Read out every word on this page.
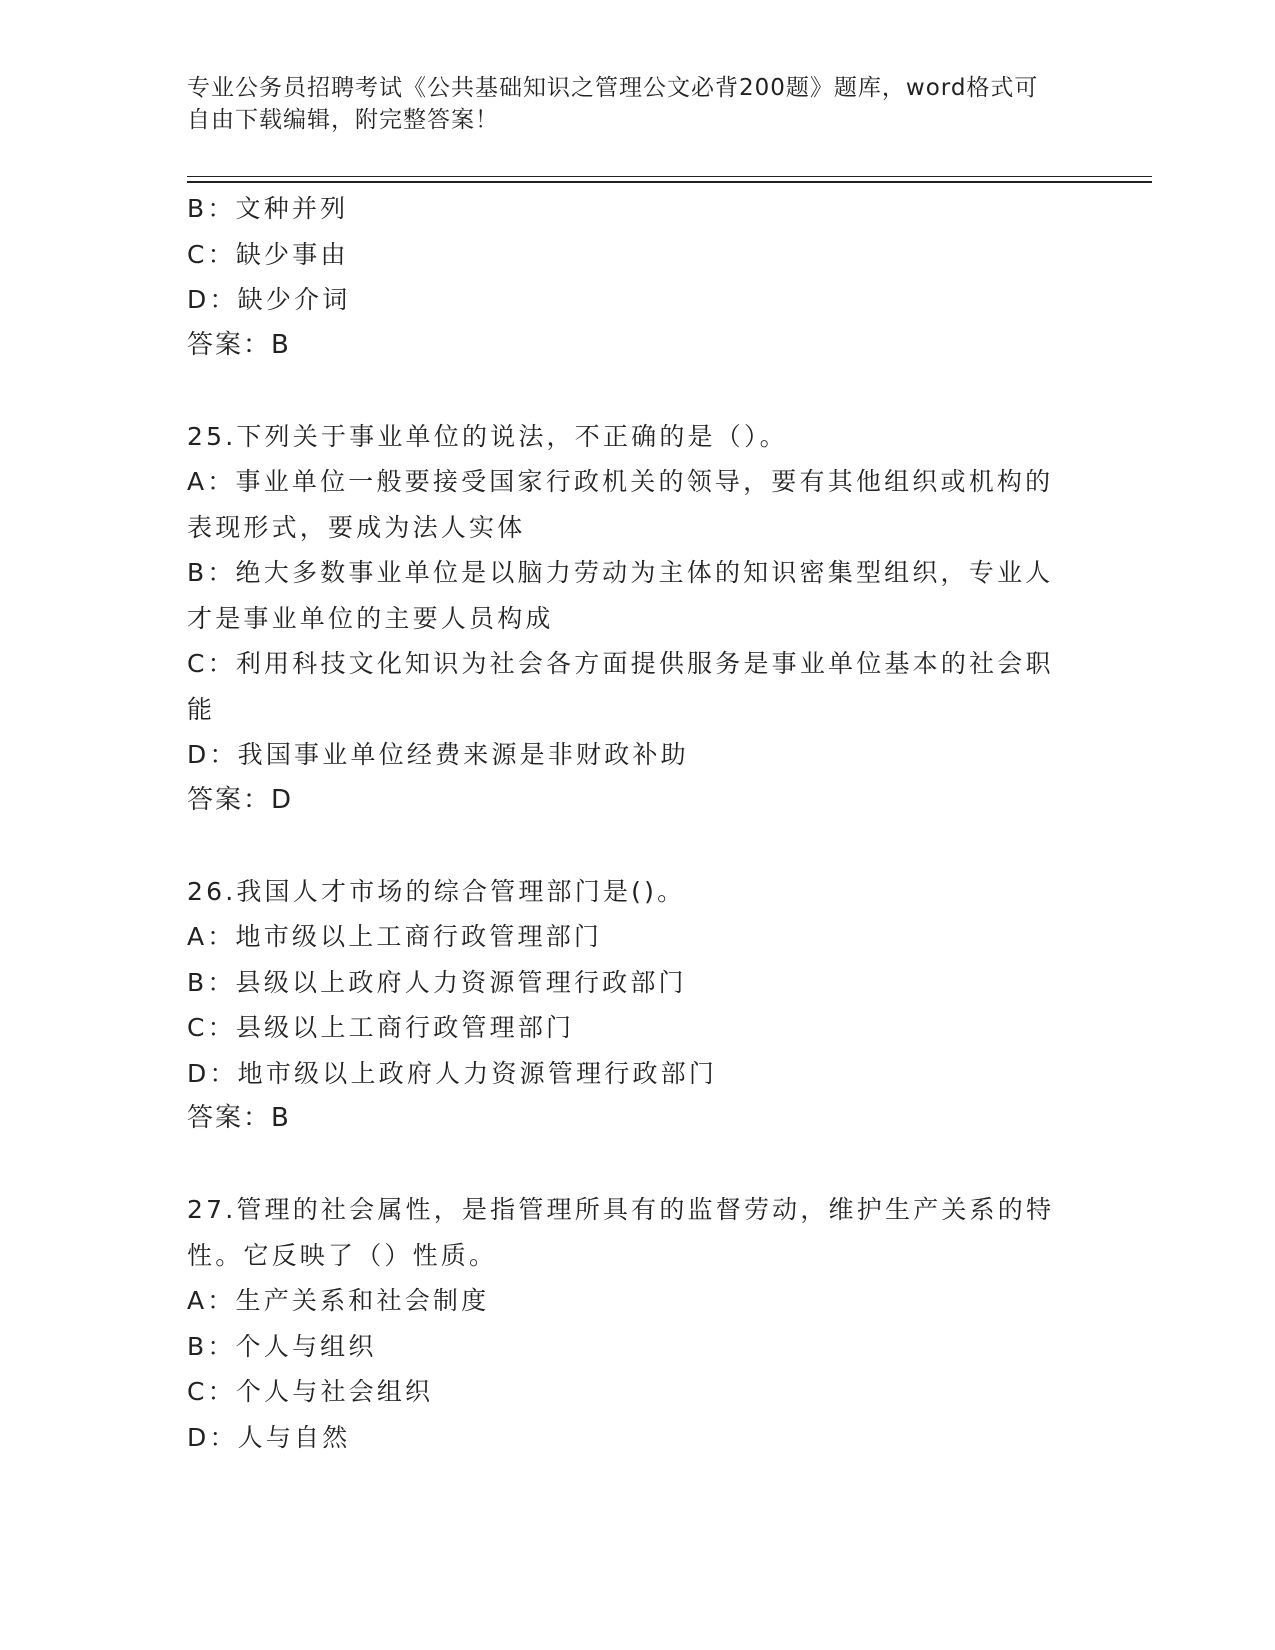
专业公务员招聘考试《公共基础知识之管理公文必背200题》题库，word格式可
自由下载编辑，附完整答案！
B：文种并列
C：缺少事由
D：缺少介词
答案：B
25.下列关于事业单位的说法，不正确的是（）。
A：事业单位一般要接受国家行政机关的领导，要有其他组织或机构的
表现形式，要成为法人实体
B：绝大多数事业单位是以脑力劳动为主体的知识密集型组织，专业人
才是事业单位的主要人员构成
C：利用科技文化知识为社会各方面提供服务是事业单位基本的社会职
能
D：我国事业单位经费来源是非财政补助
答案：D
26.我国人才市场的综合管理部门是()。
A：地市级以上工商行政管理部门
B：县级以上政府人力资源管理行政部门
C：县级以上工商行政管理部门
D：地市级以上政府人力资源管理行政部门
答案：B
27.管理的社会属性，是指管理所具有的监督劳动，维护生产关系的特
性。它反映了（）性质。
A：生产关系和社会制度
B：个人与组织
C：个人与社会组织
D：人与自然
